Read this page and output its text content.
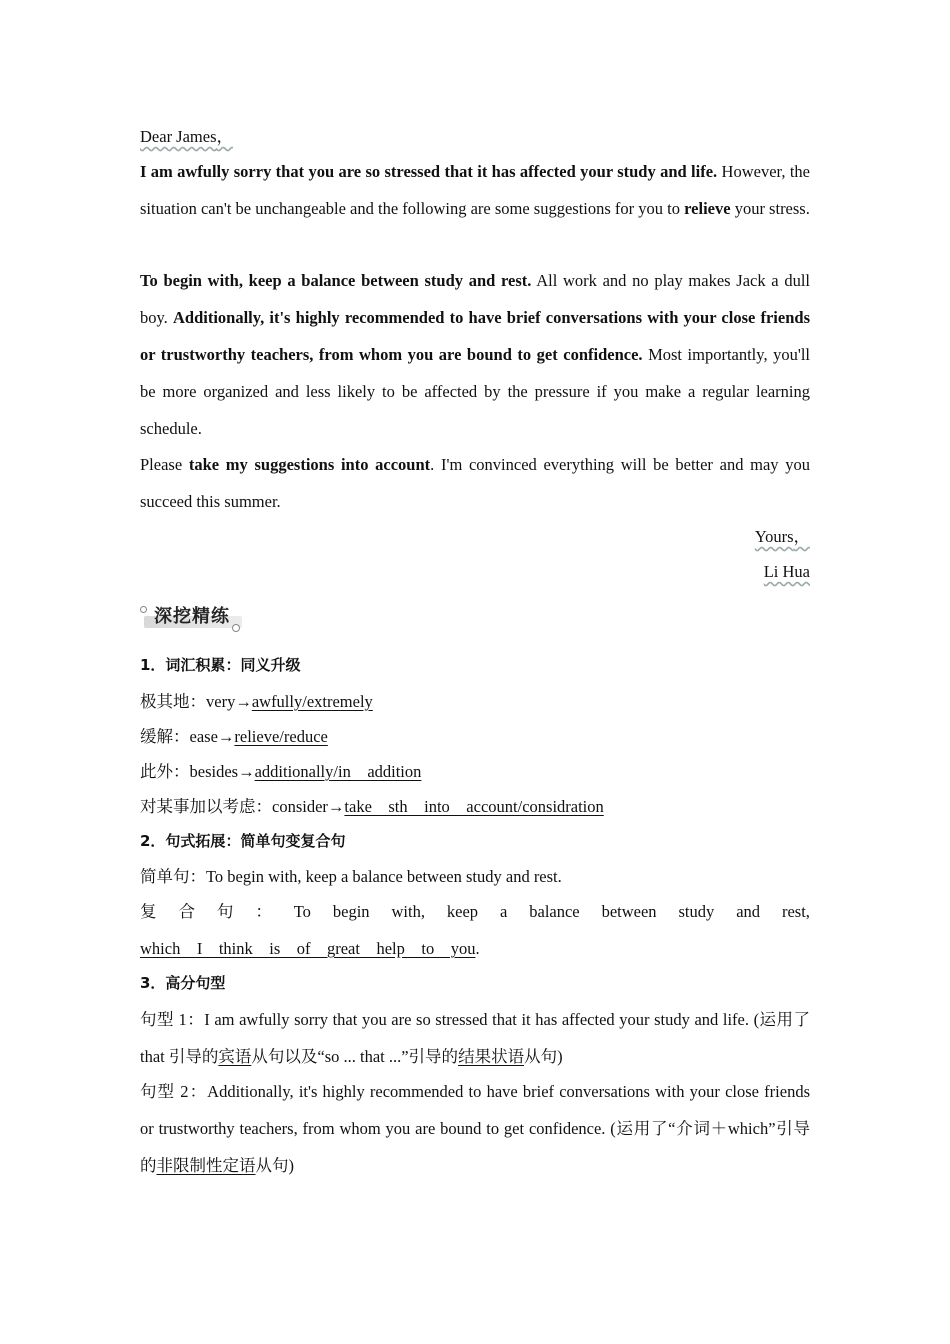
Dear James，

I am awfully sorry that you are so stressed that it has affected your study and life. However, the situation can't be unchangeable and the following are some suggestions for you to relieve your stress.

To begin with, keep a balance between study and rest. All work and no play makes Jack a dull boy. Additionally, it's highly recommended to have brief conversations with your close friends or trustworthy teachers, from whom you are bound to get confidence. Most importantly, you'll be more organized and less likely to be affected by the pressure if you make a regular learning schedule.

Please take my suggestions into account. I'm convinced everything will be better and may you succeed this summer.

Yours，

Li Hua

深挖精练

1．词汇积累：同义升级

极其地：very→awfully/extremely

缓解：ease→relieve/reduce

此外：besides→additionally/in　addition

对某事加以考虑：consider→take　sth　into　account/considration

2．句式拓展：简单句变复合句

简单句：To begin with, keep a balance between study and rest.

复 合 句 ： To begin with, keep a balance between study and rest,

which　I　think　is　of　great　help　to　you.

3．高分句型

句型 1：I am awfully sorry that you are so stressed that it has affected your study and life. (运用了 that 引导的宾语从句以及“so ... that ...”引导的结果状语从句)

句型 2：Additionally, it's highly recommended to have brief conversations with your close friends or trustworthy teachers, from whom you are bound to get confidence. (运用了“介词＋which”引导的非限制性定语从句)
